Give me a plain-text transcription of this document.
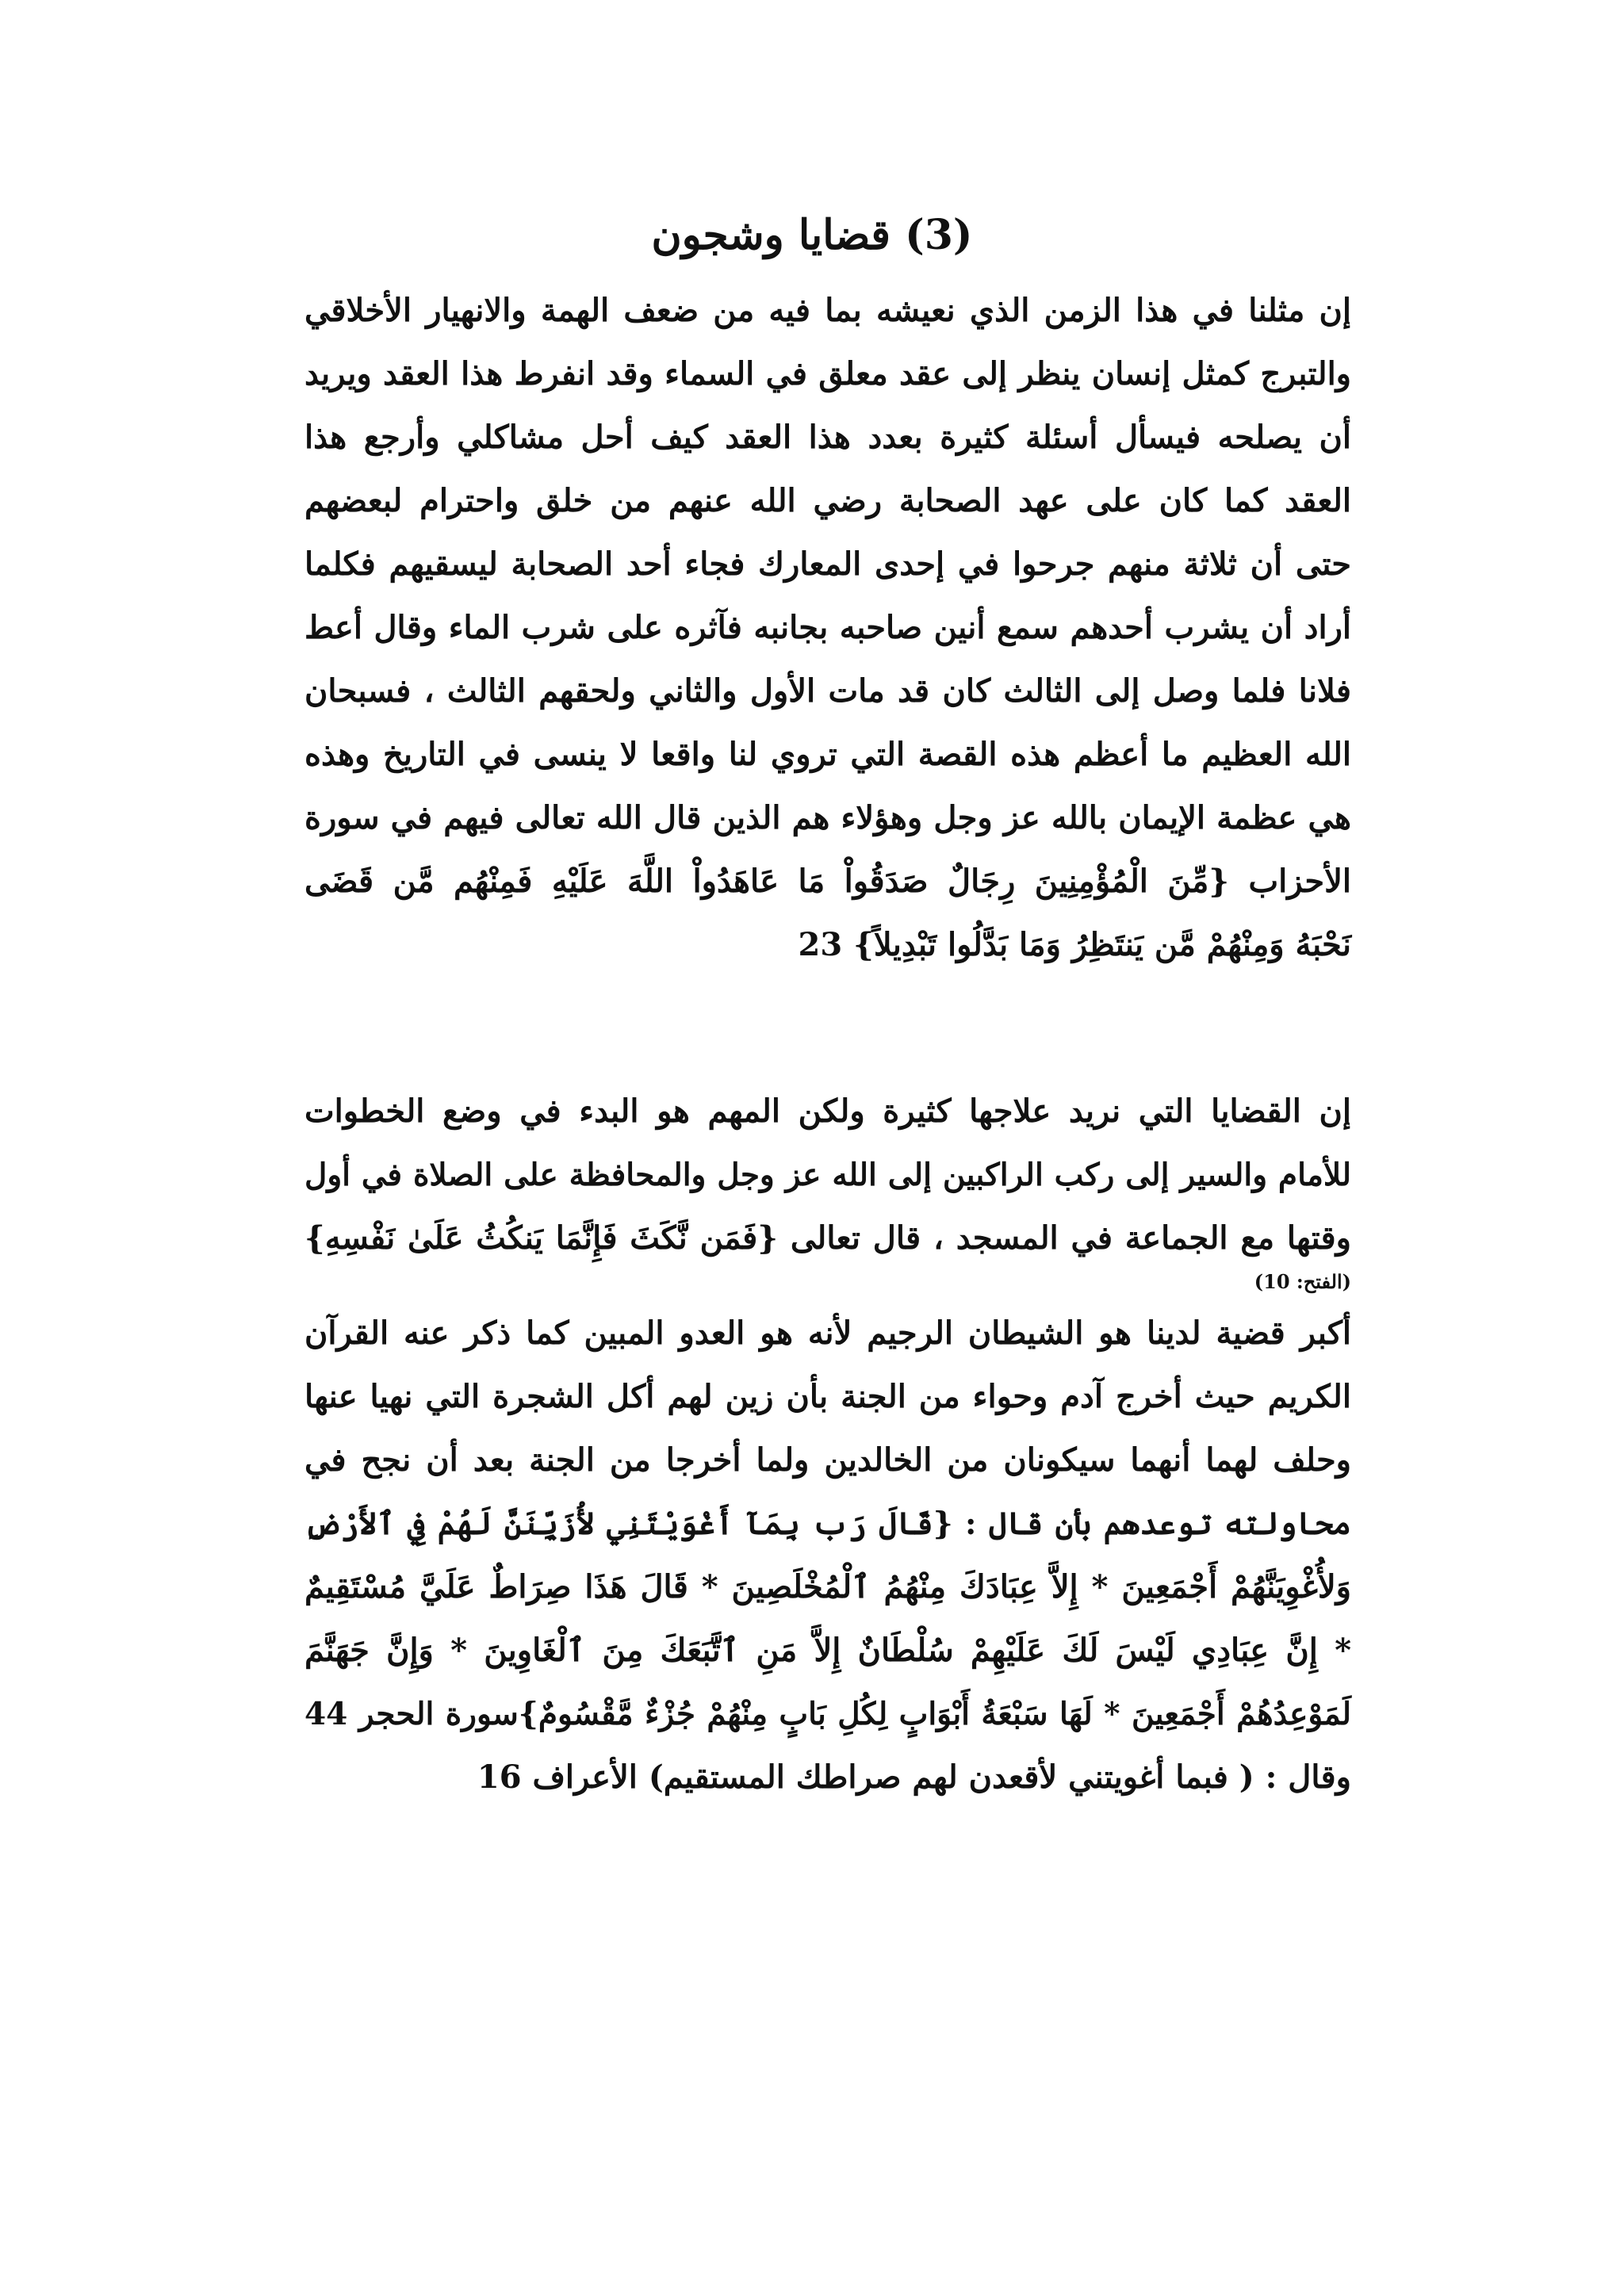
(3) قضايا وشجون
إن مثلنا في هذا الزمن الذي نعيشه بما فيه من ضعف الهمة والانهيار الأخلاقي
والتبرج كمثل إنسان ينظر إلى عقد معلق في السماء وقد انفرط هذا العقد ويريد
أن يصلحه فيسأل أسئلة كثيرة بعدد هذا العقد كيف أحل مشاكلي وأرجع هذا
العقد كما كان على عهد الصحابة رضي الله عنهم من خلق واحترام لبعضهم
حتى أن ثلاثة منهم جرحوا في إحدى المعارك فجاء أحد الصحابة ليسقيهم فكلما
أراد أن يشرب أحدهم سمع أنين صاحبه بجانبه فآثره على شرب الماء وقال أعط
فلانا فلما وصل إلى الثالث كان قد مات الأول والثاني ولحقهم الثالث ، فسبحان
الله العظيم ما أعظم هذه القصة التي تروي لنا واقعا لا ينسى في التاريخ وهذه
هي عظمة الإيمان بالله عز وجل وهؤلاء هم الذين قال الله تعالى فيهم في سورة
الأحزاب {مِّنَ الْمُؤْمِنِينَ رِجَالٌ صَدَقُواْ مَا عَاهَدُواْ اللَّهَ عَلَيْهِ فَمِنْهُم مَّن قَضَى
نَحْبَهُ وَمِنْهُمْ مَّن يَنتَظِرُ وَمَا بَدَّلُوا تَبْدِيلاً} 23
إن القضايا التي نريد علاجها كثيرة ولكن المهم هو البدء في وضع الخطوات
للأمام والسير إلى ركب الراكبين إلى الله عز وجل والمحافظة على الصلاة في أول
وقتها مع الجماعة في المسجد ، قال تعالى {فَمَن نَّكَثَ فَإِنَّمَا يَنكُثُ عَلَىٰ نَفْسِهِ}
(الفتح: 10)
أكبر قضية لدينا هو الشيطان الرجيم لأنه هو العدو المبين كما ذكر عنه القرآن
الكريم حيث أخرج آدم وحواء من الجنة بأن زين لهم أكل الشجرة التي نهيا عنها
وحلف لهما أنهما سيكونان من الخالدين ولما أخرجا من الجنة بعد أن نجح في
محاولته توعدهم بأن قال : {قَالَ رَب بِمَآ أَغْوَيْتَنِي لأُزَيِّنَنَّ لَهُمْ فِي ٱلأَرْضِ
وَلأُغْوِيَنَّهُمْ أَجْمَعِينَ * إِلاَّ عِبَادَكَ مِنْهُمُ ٱلْمُخْلَصِينَ * قَالَ هَذَا صِرَاطٌ عَلَيَّ مُسْتَقِيمٌ
* إِنَّ عِبَادِي لَيْسَ لَكَ عَلَيْهِمْ سُلْطَانٌ إِلاَّ مَنِ ٱتَّبَعَكَ مِنَ ٱلْغَاوِينَ * وَإِنَّ جَهَنَّمَ
لَمَوْعِدُهُمْ أَجْمَعِينَ * لَهَا سَبْعَةُ أَبْوَابٍ لِكُلِ بَابٍ مِنْهُمْ جُزْءٌ مَّقْسُومٌ}سورة الحجر 44
وقال : ( فبما أغويتني لأقعدن لهم صراطك المستقيم) الأعراف 16
